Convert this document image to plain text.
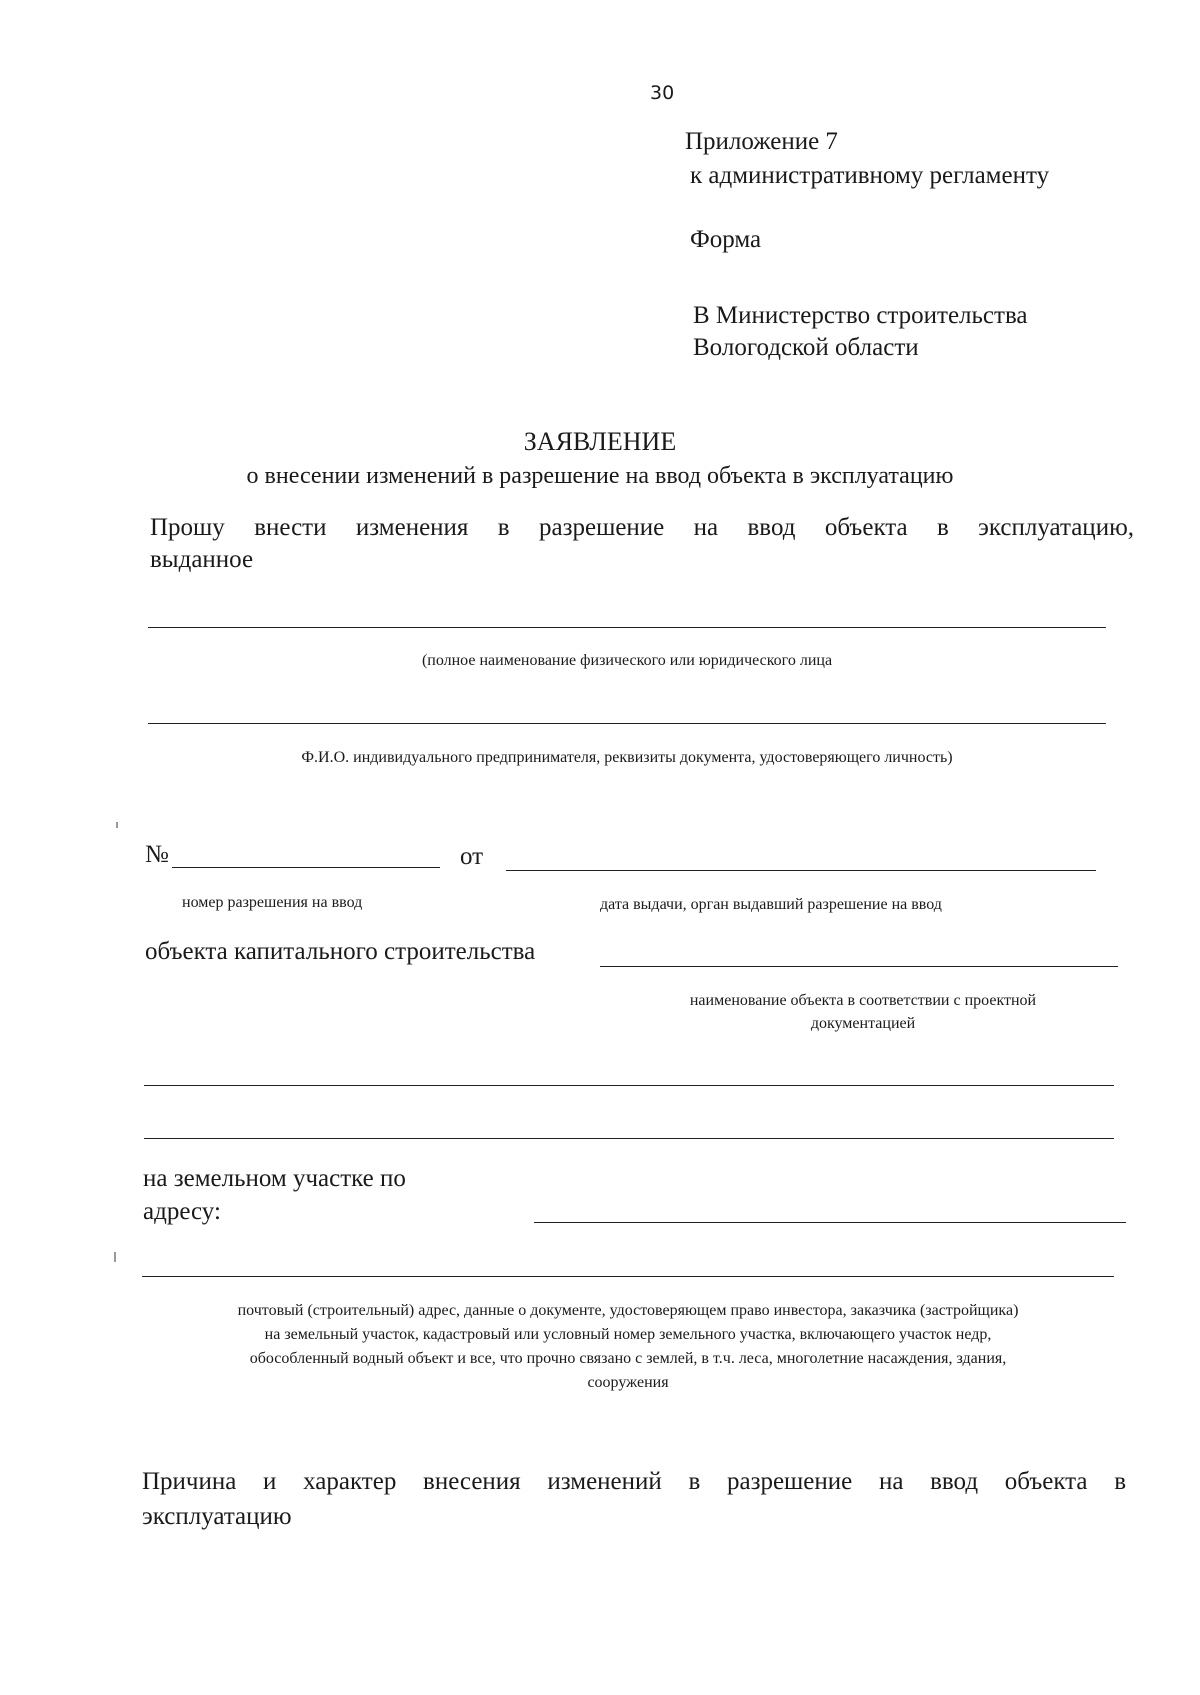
30
Приложение 7
к административному регламенту
Форма
В Министерство строительства
Вологодской области
ЗАЯВЛЕНИЕ
о внесении изменений в разрешение на ввод объекта в эксплуатацию
Прошу внести изменения в разрешение на ввод объекта в эксплуатацию,
выданное
(полное наименование физического или юридического лица
Ф.И.О. индивидуального предпринимателя, реквизиты документа, удостоверяющего личность)
№	от
номер разрешения на ввод	дата выдачи, орган выдавший разрешение на ввод
объекта капитального строительства
наименование объекта в соответствии с проектной
документацией
на земельном участке по
адресу:
почтовый (строительный) адрес, данные о документе, удостоверяющем право инвестора, заказчика (застройщика)
на земельный участок, кадастровый или условный номер земельного участка, включающего участок недр,
обособленный водный объект и все, что прочно связано с землей, в т.ч. леса, многолетние насаждения, здания,
сооружения
Причина и характер внесения изменений в разрешение на ввод объекта в
эксплуатацию
